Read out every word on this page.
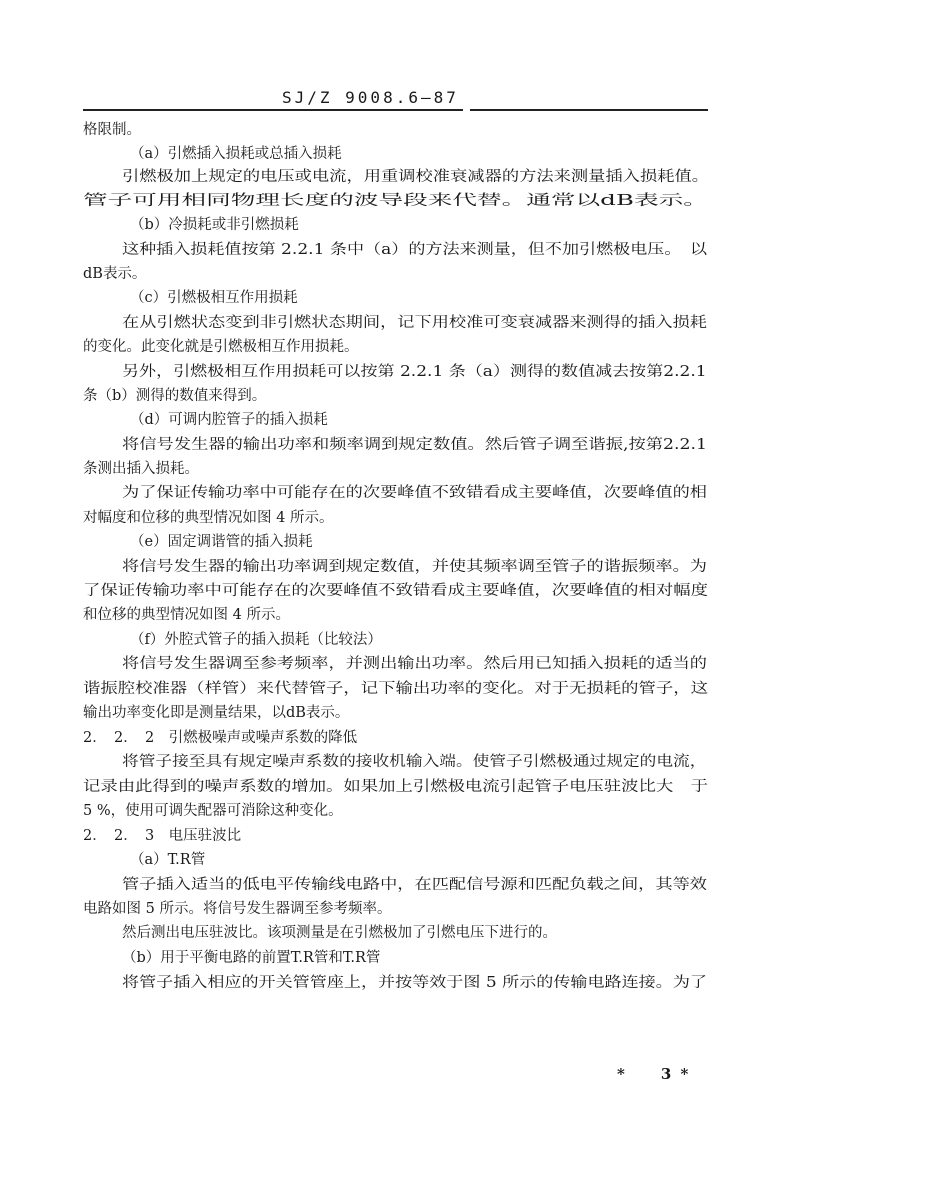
SJ/Z 9008.6—87
格限制。
（a）引燃插入损耗或总插入损耗
引燃极加上规定的电压或电流，用重调校准衰减器的方法来测量插入损耗值。
管子可用相同物理长度的波导段来代替。通常以dB表示。
（b）冷损耗或非引燃损耗
这种插入损耗值按第 2.2.1 条中（a）的方法来测量，但不加引燃极电压。　以
dB表示。
（c）引燃极相互作用损耗
在从引燃状态变到非引燃状态期间，记下用校准可变衰减器来测得的插入损耗
的变化。此变化就是引燃极相互作用损耗。
另外，引燃极相互作用损耗可以按第 2.2.1 条（a）测得的数值减去按第2.2.1
条（b）测得的数值来得到。
（d）可调内腔管子的插入损耗
将信号发生器的输出功率和频率调到规定数值。然后管子调至谐振,按第2.2.1
条测出插入损耗。
为了保证传输功率中可能存在的次要峰值不致错看成主要峰值，次要峰值的相
对幅度和位移的典型情况如图 4 所示。
（e）固定调谐管的插入损耗
将信号发生器的输出功率调到规定数值，并使其频率调至管子的谐振频率。为
了保证传输功率中可能存在的次要峰值不致错看成主要峰值，次要峰值的相对幅度
和位移的典型情况如图 4 所示。
（f）外腔式管子的插入损耗（比较法）
将信号发生器调至参考频率，并测出输出功率。然后用已知插入损耗的适当的
谐振腔校准器（样管）来代替管子，记下输出功率的变化。对于无损耗的管子，这
输出功率变化即是测量结果，以dB表示。
2．　2．　2　引燃极噪声或噪声系数的降低
将管子接至具有规定噪声系数的接收机输入端。使管子引燃极通过规定的电流，
记录由此得到的噪声系数的增加。如果加上引燃极电流引起管子电压驻波比大　于
5 %，使用可调失配器可消除这种变化。
2．　2．　3　电压驻波比
（a）T.R管
管子插入适当的低电平传输线电路中，在匹配信号源和匹配负载之间，其等效
电路如图 5 所示。将信号发生器调至参考频率。
然后测出电压驻波比。该项测量是在引燃极加了引燃电压下进行的。
（b）用于平衡电路的前置T.R管和T.R管
将管子插入相应的开关管管座上，并按等效于图 5 所示的传输电路连接。为了
*　　3 *
